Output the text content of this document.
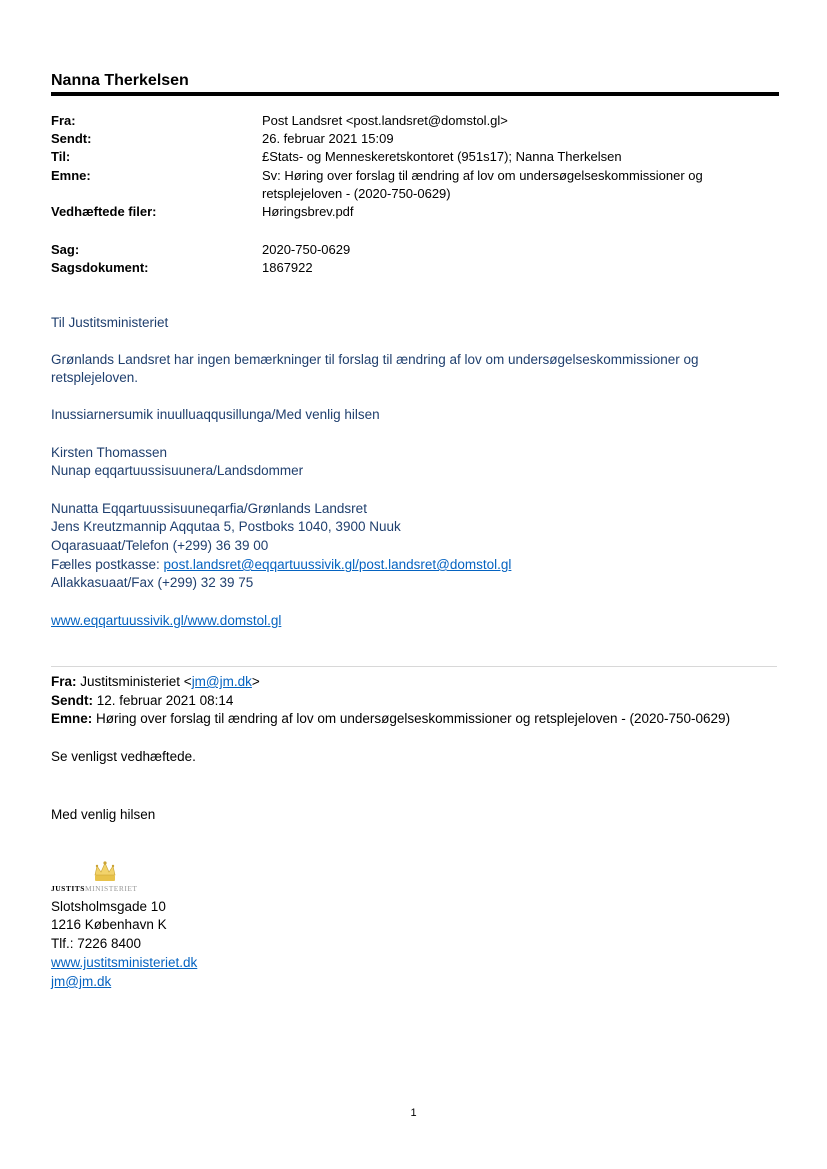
Nanna Therkelsen
Fra:	Post Landsret <post.landsret@domstol.gl>
Sendt:	26. februar 2021 15:09
Til:	£Stats- og Menneskeretskontoret (951s17); Nanna Therkelsen
Emne:	Sv: Høring over forslag til ændring af lov om undersøgelseskommissioner og
retsplejeloven - (2020-750-0629)
Vedhæftede filer:	Høringsbrev.pdf
Sag:	2020-750-0629
Sagsdokument:	1867922
Til Justitsministeriet
Grønlands Landsret har ingen bemærkninger til forslag til ændring af lov om undersøgelseskommissioner og
retsplejeloven.
Inussiarnersumik inuulluaqqusillunga/Med venlig hilsen
Kirsten Thomassen
Nunap eqqartuussisuunera/Landsdommer
Nunatta Eqqartuussisuuneqarfia/Grønlands Landsret
Jens Kreutzmannip Aqqutaa 5, Postboks 1040, 3900 Nuuk
Oqarasuaat/Telefon (+299) 36 39 00
Fælles postkasse: post.landsret@eqqartuussivik.gl/post.landsret@domstol.gl
Allakkasuaat/Fax (+299) 32 39 75
www.eqqartuussivik.gl/www.domstol.gl
Fra: Justitsministeriet <jm@jm.dk>
Sendt: 12. februar 2021 08:14
Emne: Høring over forslag til ændring af lov om undersøgelseskommissioner og retsplejeloven - (2020-750-0629)
Se venligst vedhæftede.
Med venlig hilsen
JUSTITSMINISTERIET
Slotsholmsgade 10
1216 København K
Tlf.: 7226 8400
www.justitsministeriet.dk
jm@jm.dk
1
